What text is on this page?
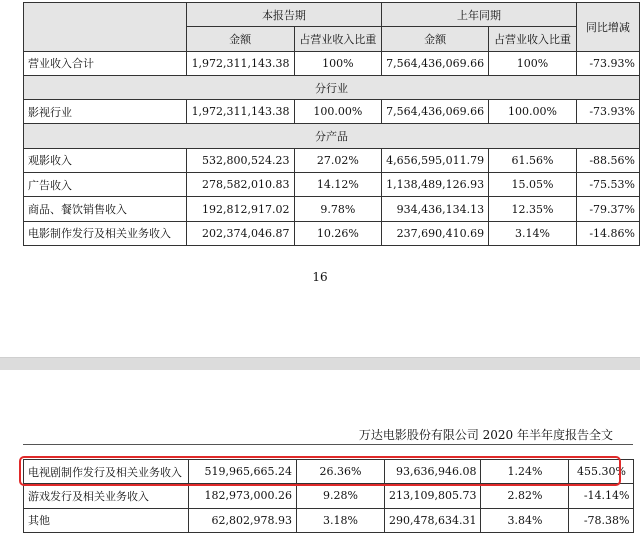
	本报告期		上年同期		同比增减
	金额	占营业收入比重	金额	占营业收入比重	
营业收入合计	1,972,311,143.38	100%	7,564,436,069.66	100%	-73.93%
分行业					
影视行业	1,972,311,143.38	100.00%	7,564,436,069.66	100.00%	-73.93%
分产品					
观影收入	532,800,524.23	27.02%	4,656,595,011.79	61.56%	-88.56%
广告收入	278,582,010.83	14.12%	1,138,489,126.93	15.05%	-75.53%
商品、餐饮销售收入	192,812,917.02	9.78%	934,436,134.13	12.35%	-79.37%
电影制作发行及相关业务收入	202,374,046.87	10.26%	237,690,410.69	3.14%	-14.86%
16
万达电影股份有限公司 2020 年半年度报告全文
电视剧制作发行及相关业务收入	519,965,665.24	26.36%	93,636,946.08	1.24%	455.30%
游戏发行及相关业务收入	182,973,000.26	9.28%	213,109,805.73	2.82%	-14.14%
其他	62,802,978.93	3.18%	290,478,634.31	3.84%	-78.38%
